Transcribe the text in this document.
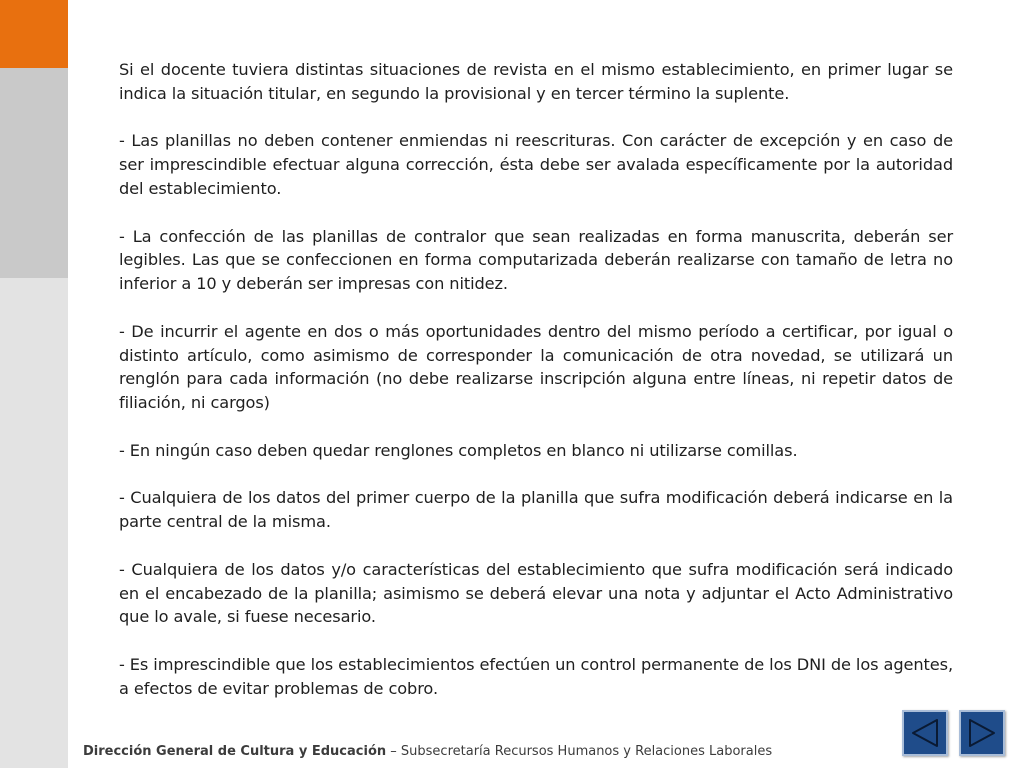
Si el docente tuviera distintas situaciones de revista en el mismo establecimiento, en primer lugar se indica la situación titular, en segundo la provisional y en tercer término la suplente.

- Las planillas no deben contener enmiendas ni reescrituras. Con carácter de excepción y en caso de ser imprescindible efectuar alguna corrección, ésta debe ser avalada específicamente por la autoridad del establecimiento.

- La confección de las planillas de contralor que sean realizadas en forma manuscrita, deberán ser legibles. Las que se confeccionen en forma computarizada deberán realizarse con tamaño de letra no inferior a 10 y deberán ser impresas con nitidez.

- De incurrir el agente en dos o más oportunidades dentro del mismo período a certificar, por igual o distinto artículo, como asimismo de corresponder la comunicación de otra novedad, se utilizará un renglón para cada información (no debe realizarse inscripción alguna entre líneas, ni repetir datos de filiación, ni cargos)

- En ningún caso deben quedar renglones completos en blanco ni utilizarse comillas.

- Cualquiera de los datos del primer cuerpo de la planilla que sufra modificación deberá indicarse en la parte central de la misma.

- Cualquiera de los datos y/o características del establecimiento que sufra modificación será indicado en el encabezado de la planilla; asimismo se deberá elevar una nota y adjuntar el Acto Administrativo que lo avale, si fuese necesario.

- Es imprescindible que los establecimientos efectúen un control permanente de los DNI de los agentes, a efectos de evitar problemas de cobro.

Dirección General de Cultura y Educación – Subsecretaría Recursos Humanos y Relaciones Laborales
